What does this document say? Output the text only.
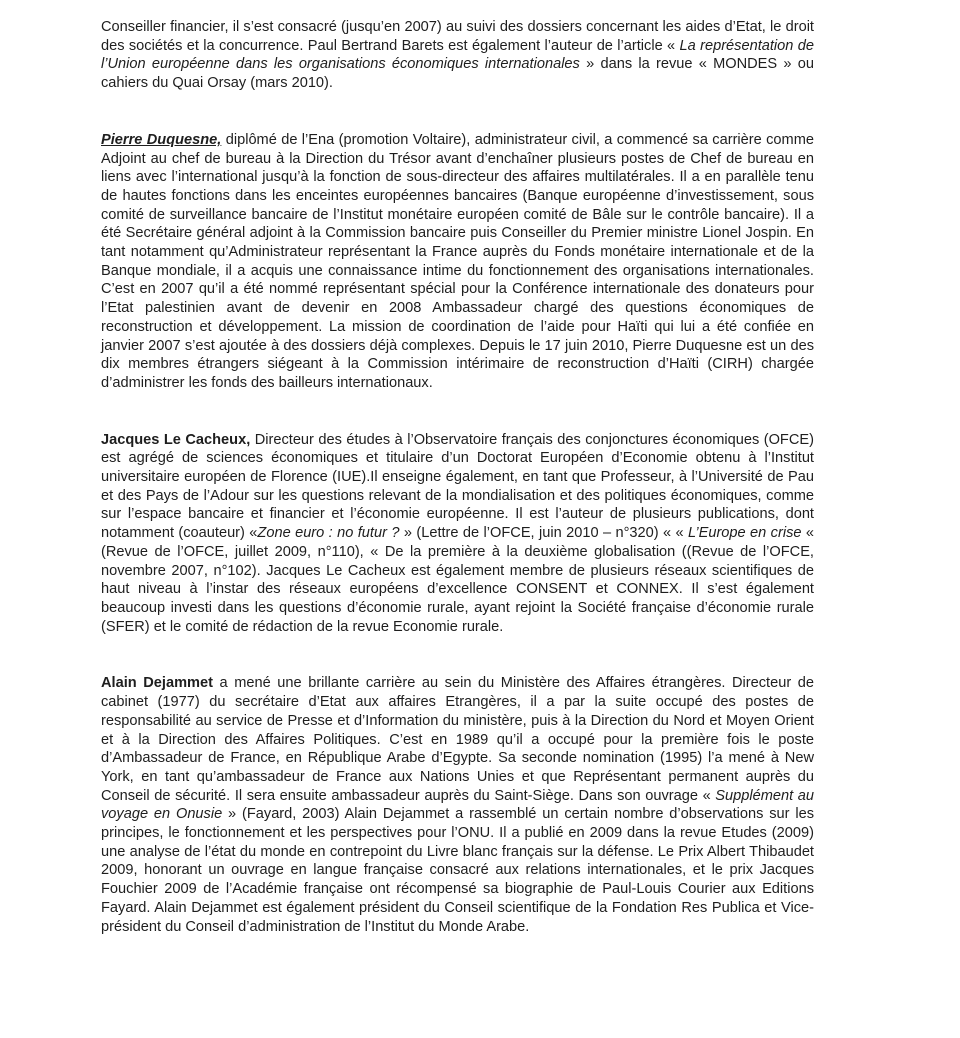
Conseiller financier, il s’est consacré (jusqu’en 2007) au suivi des dossiers concernant les aides d’Etat, le droit des sociétés et la concurrence. Paul Bertrand Barets est également l’auteur de l’article « La représentation de l’Union européenne dans les organisations économiques internationales » dans la revue « MONDES » ou cahiers du Quai Orsay (mars 2010).

Pierre Duquesne, diplômé de l’Ena (promotion Voltaire), administrateur civil, a commencé sa carrière comme Adjoint au chef de bureau à la Direction du Trésor avant d’enchaîner plusieurs postes de Chef de bureau en liens avec l’international jusqu’à la fonction de sous-directeur des affaires multilatérales. Il a en parallèle tenu de hautes fonctions dans les enceintes européennes bancaires (Banque européenne d’investissement, sous comité de surveillance bancaire de l’Institut monétaire européen comité de Bâle sur le contrôle bancaire). Il a été Secrétaire général adjoint à la Commission bancaire puis Conseiller du Premier ministre Lionel Jospin. En tant notamment qu’Administrateur représentant la France auprès du Fonds monétaire internationale et de la Banque mondiale, il a acquis une connaissance intime du fonctionnement des organisations internationales. C’est en 2007 qu’il a été nommé représentant spécial pour la Conférence internationale des donateurs pour l’Etat palestinien avant de devenir en 2008 Ambassadeur chargé des questions économiques de reconstruction et développement. La mission de coordination de l’aide pour Haïti qui lui a été confiée en janvier 2007 s’est ajoutée à des dossiers déjà complexes. Depuis le 17 juin 2010, Pierre Duquesne est un des dix membres étrangers siégeant à la Commission intérimaire de reconstruction d’Haïti (CIRH) chargée d’administrer les fonds des bailleurs internationaux.

Jacques Le Cacheux, Directeur des études à l’Observatoire français des conjonctures économiques (OFCE) est agrégé de sciences économiques et titulaire d’un Doctorat Européen d’Economie obtenu à l’Institut universitaire européen de Florence (IUE).Il enseigne également, en tant que Professeur, à l’Université de Pau et des Pays de l’Adour sur les questions relevant de la mondialisation et des politiques économiques, comme sur l’espace bancaire et financier et l’économie européenne. Il est l’auteur de plusieurs publications, dont notamment (coauteur) «Zone euro : no futur ? » (Lettre de l’OFCE, juin 2010 – n°320) « « L’Europe en crise « (Revue de l’OFCE, juillet 2009, n°110), « De la première à la deuxième globalisation ((Revue de l’OFCE, novembre 2007, n°102). Jacques Le Cacheux est également membre de plusieurs réseaux scientifiques de haut niveau à l’instar des réseaux européens d’excellence CONSENT et CONNEX. Il s’est également beaucoup investi dans les questions d’économie rurale, ayant rejoint la Société française d’économie rurale (SFER) et le comité de rédaction de la revue Economie rurale.

Alain Dejammet a mené une brillante carrière au sein du Ministère des Affaires étrangères. Directeur de cabinet (1977) du secrétaire d’Etat aux affaires Etrangères, il a par la suite occupé des postes de responsabilité au service de Presse et d’Information du ministère, puis à la Direction du Nord et Moyen Orient et à la Direction des Affaires Politiques. C’est en 1989 qu’il a occupé pour la première fois le poste d’Ambassadeur de France, en République Arabe d’Egypte. Sa seconde nomination (1995) l’a mené à New York, en tant qu’ambassadeur de France aux Nations Unies et que Représentant permanent auprès du Conseil de sécurité. Il sera ensuite ambassadeur auprès du Saint-Siège. Dans son ouvrage « Supplément au voyage en Onusie » (Fayard, 2003) Alain Dejammet a rassemblé un certain nombre d’observations sur les principes, le fonctionnement et les perspectives pour l’ONU. Il a publié en 2009 dans la revue Etudes (2009) une analyse de l’état du monde en contrepoint du Livre blanc français sur la défense. Le Prix Albert Thibaudet 2009, honorant un ouvrage en langue française consacré aux relations internationales, et le prix Jacques Fouchier 2009 de l’Académie française ont récompensé sa biographie de Paul-Louis Courier aux Editions Fayard. Alain Dejammet est également président du Conseil scientifique de la Fondation Res Publica et Vice-président du Conseil d’administration de l’Institut du Monde Arabe.
